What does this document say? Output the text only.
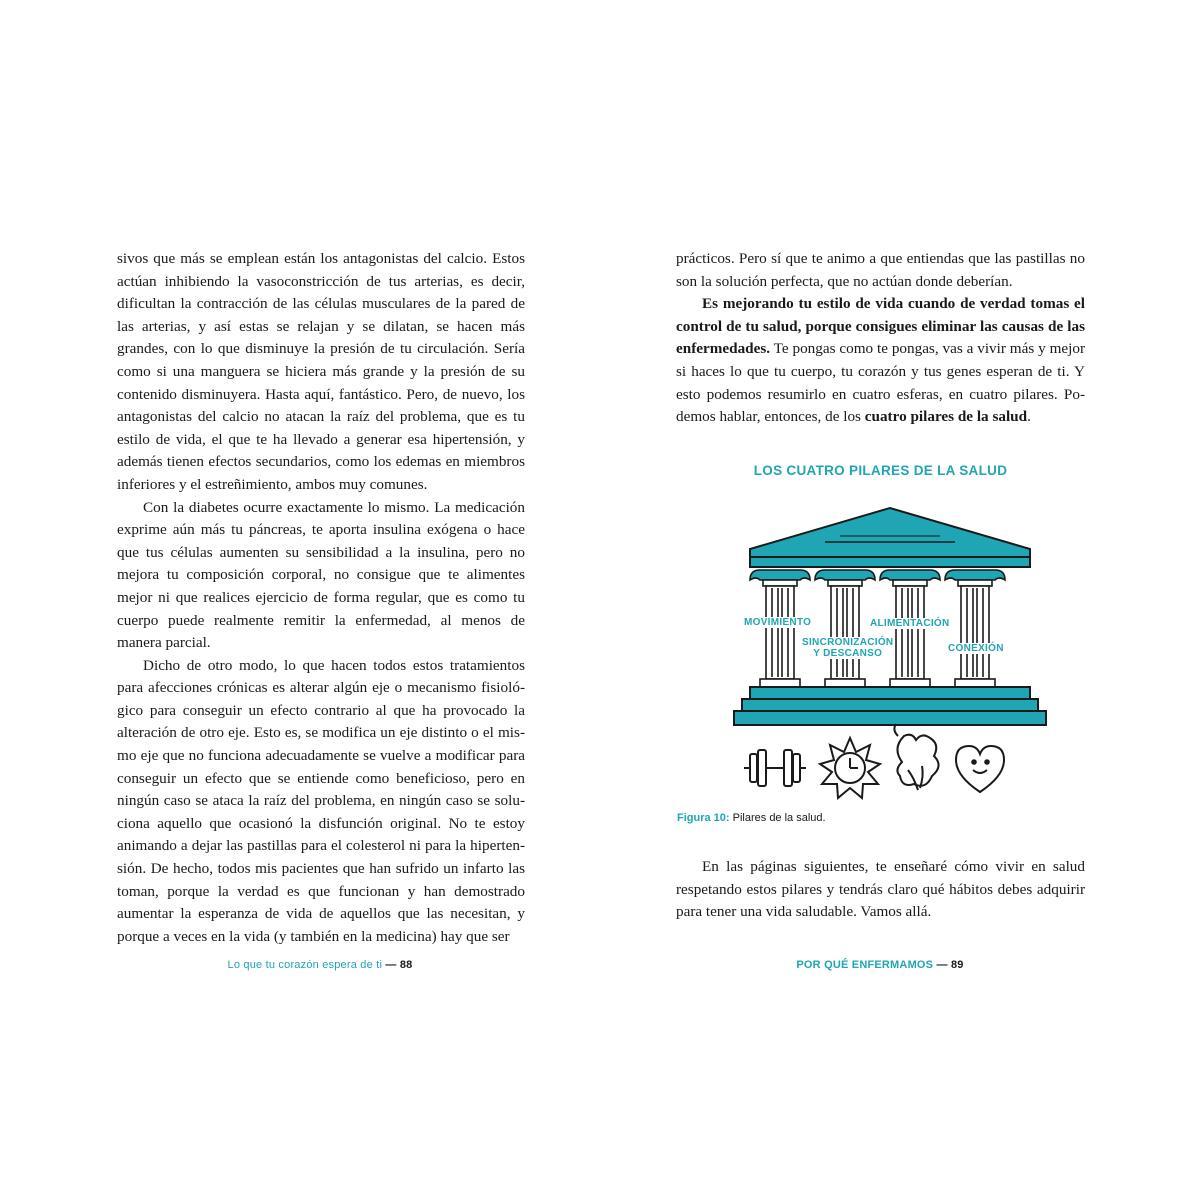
sivos que más se emplean están los antagonistas del calcio. Estos actúan inhibiendo la vasoconstricción de tus arterias, es decir, dificultan la contracción de las células musculares de la pared de las arterias, y así estas se relajan y se dilatan, se hacen más grandes, con lo que disminuye la presión de tu circulación. Sería como si una manguera se hiciera más grande y la presión de su contenido disminuyera. Hasta aquí, fantástico. Pero, de nuevo, los antagonistas del calcio no atacan la raíz del problema, que es tu estilo de vida, el que te ha llevado a generar esa hipertensión, y además tienen efectos secundarios, como los edemas en miembros inferiores y el estreñimiento, ambos muy comunes.

Con la diabetes ocurre exactamente lo mismo. La medicación exprime aún más tu páncreas, te aporta insulina exógena o hace que tus células aumenten su sensibilidad a la insulina, pero no mejora tu composición corporal, no consigue que te alimentes mejor ni que realices ejercicio de forma regular, que es como tu cuerpo puede realmente remitir la enfermedad, al menos de manera parcial.

Dicho de otro modo, lo que hacen todos estos tratamientos para afecciones crónicas es alterar algún eje o mecanismo fisiológico para conseguir un efecto contrario al que ha provocado la alteración de otro eje. Esto es, se modifica un eje distinto o el mismo eje que no funciona adecuadamente se vuelve a modificar para conseguir un efecto que se entiende como beneficioso, pero en ningún caso se ataca la raíz del problema, en ningún caso se soluciona aquello que ocasionó la disfunción original. No te estoy animando a dejar las pastillas para el colesterol ni para la hipertensión. De hecho, todos mis pacientes que han sufrido un infarto las toman, porque la verdad es que funcionan y han demostrado aumentar la esperanza de vida de aquellos que las necesitan, y porque a veces en la vida (y también en la medicina) hay que ser

Lo que tu corazón espera de ti — 88

prácticos. Pero sí que te animo a que entiendas que las pastillas no son la solución perfecta, que no actúan donde deberían.

Es mejorando tu estilo de vida cuando de verdad tomas el control de tu salud, porque consigues eliminar las causas de las enfermedades. Te pongas como te pongas, vas a vivir más y mejor si haces lo que tu cuerpo, tu corazón y tus genes esperan de ti. Y esto podemos resumirlo en cuatro esferas, en cuatro pilares. Podemos hablar, entonces, de los cuatro pilares de la salud.

LOS CUATRO PILARES DE LA SALUD
MOVIMIENTO
SINCRONIZACIÓN
Y DESCANSO
ALIMENTACIÓN
CONEXIÓN
Figura 10: Pilares de la salud.

En las páginas siguientes, te enseñaré cómo vivir en salud respetando estos pilares y tendrás claro qué hábitos debes adquirir para tener una vida saludable. Vamos allá.

POR QUÉ ENFERMAMOS — 89
